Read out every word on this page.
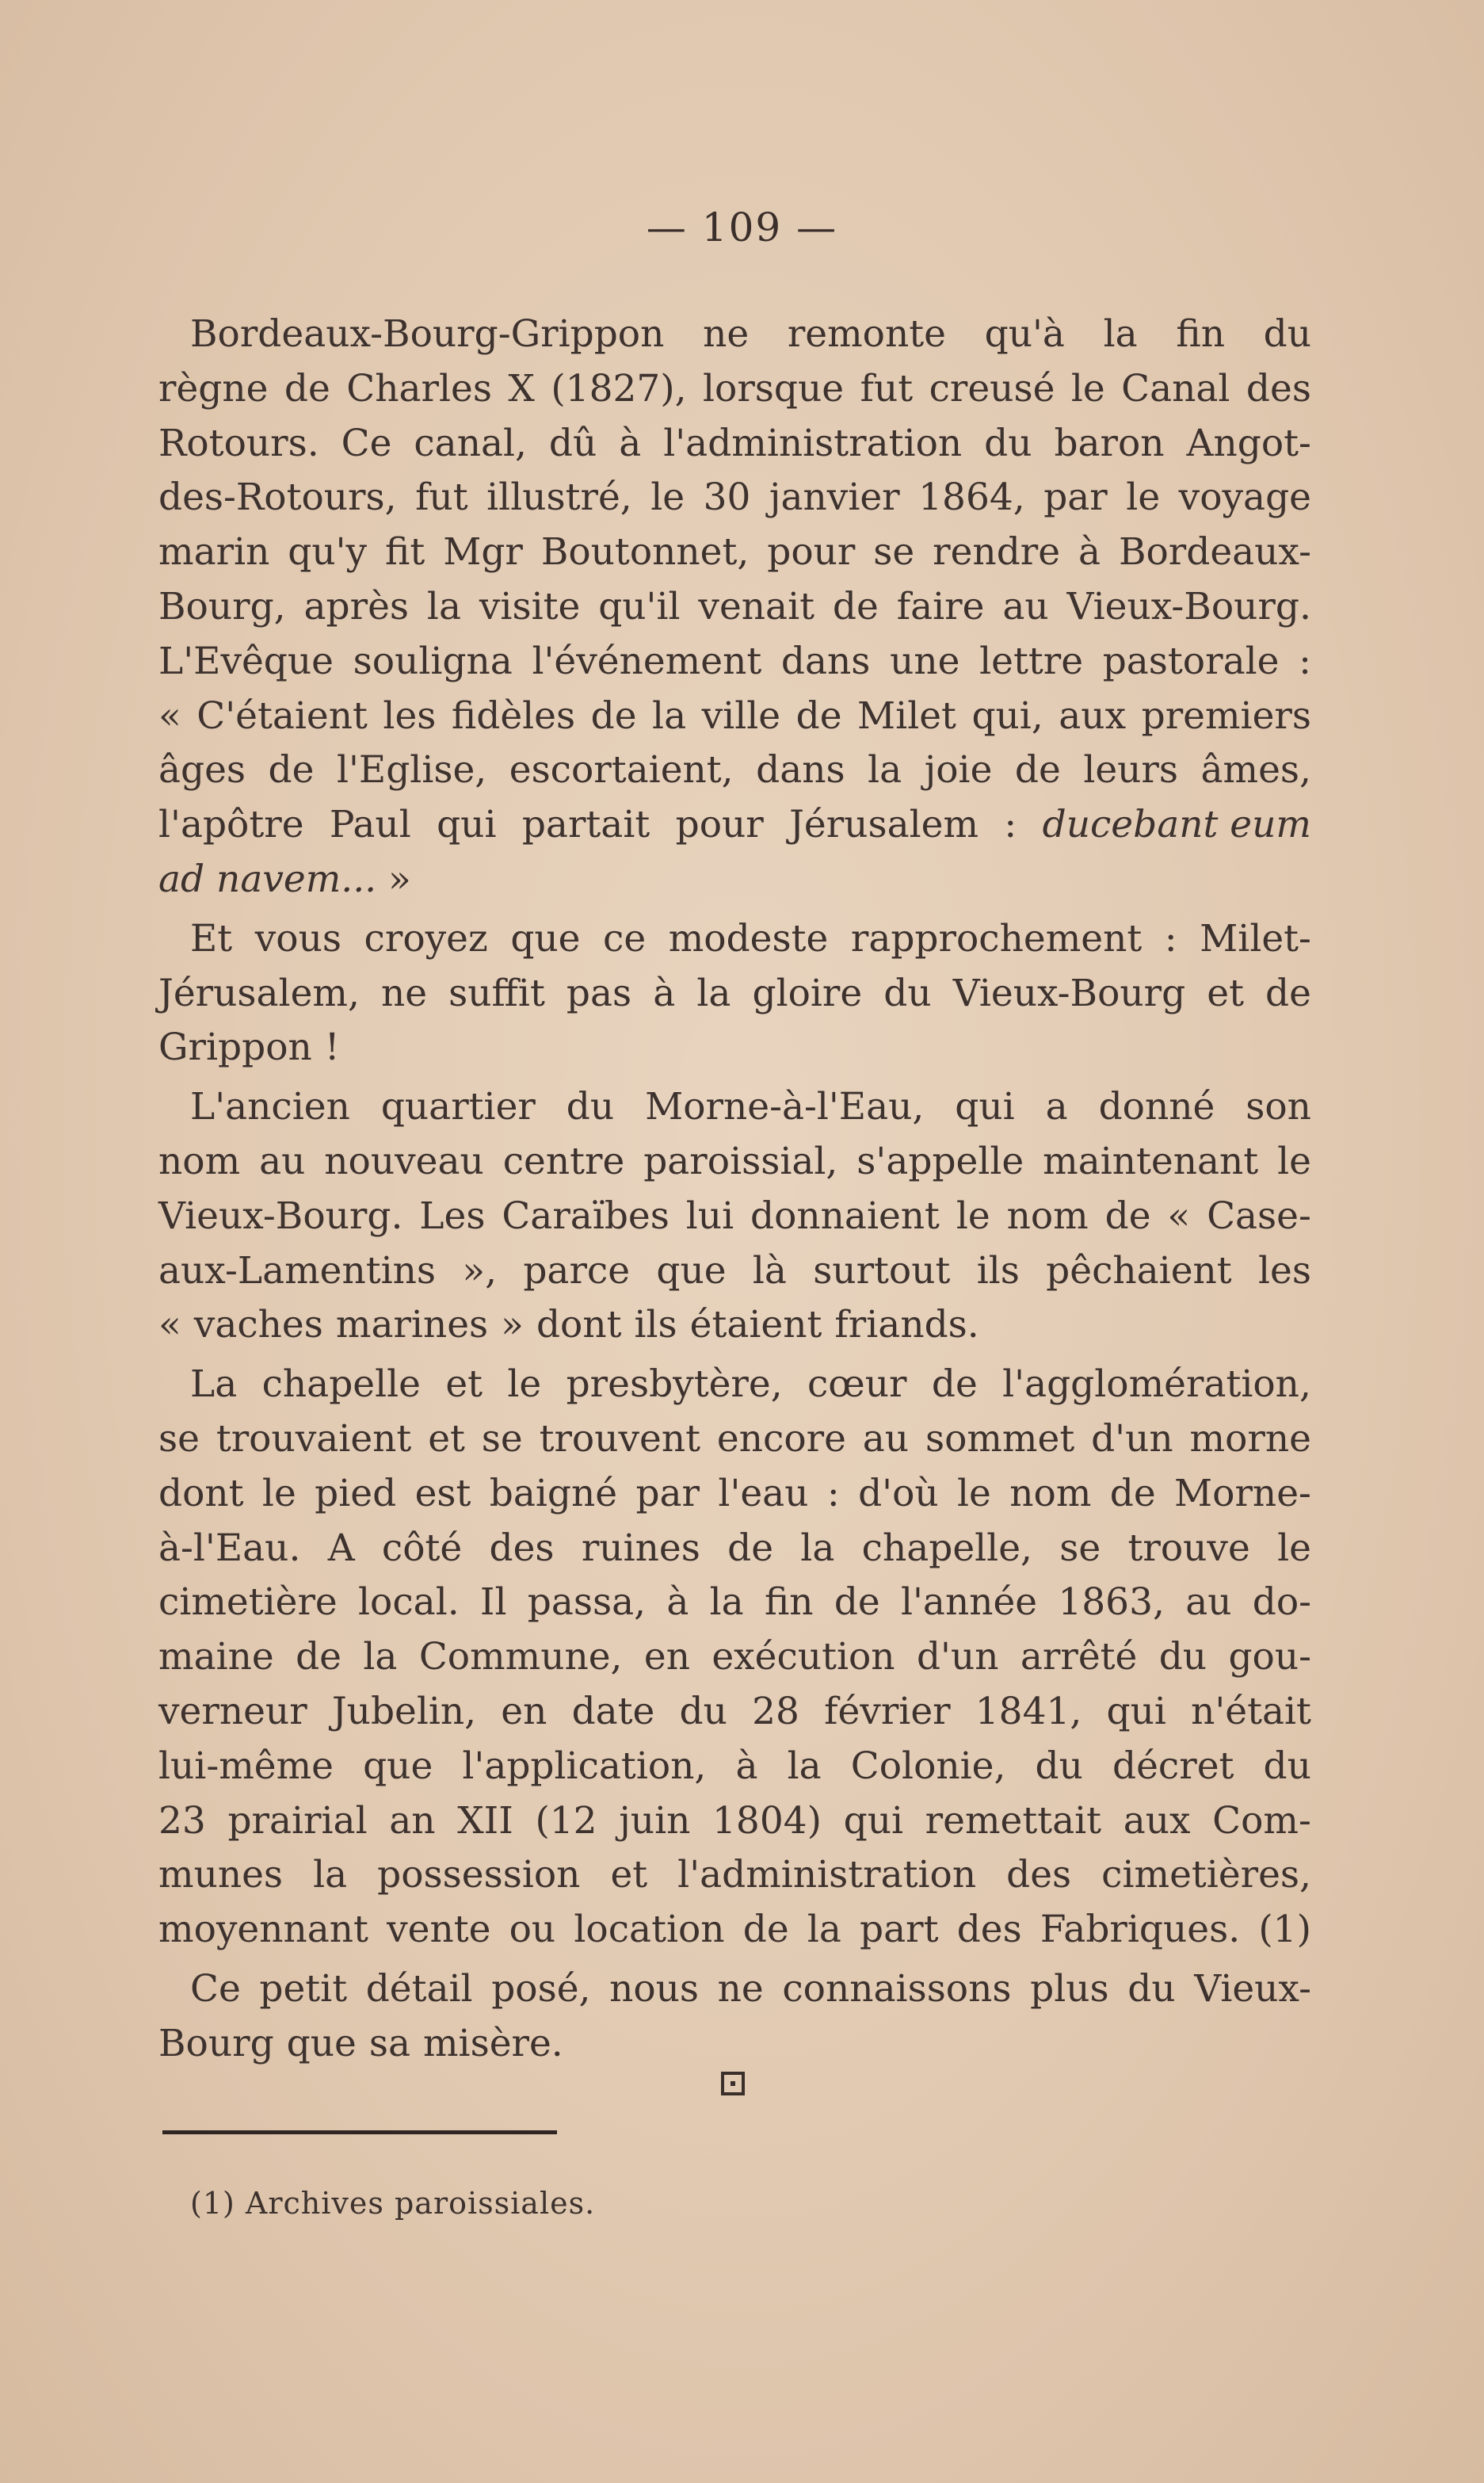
— 109 —
Bordeaux-Bourg-Grippon ne remonte qu'à la fin du
règne de Charles X (1827), lorsque fut creusé le Canal des
Rotours. Ce canal, dû à l'administration du baron Angot-
des-Rotours, fut illustré, le 30 janvier 1864, par le voyage
marin qu'y fit Mgr Boutonnet, pour se rendre à Bordeaux-
Bourg, après la visite qu'il venait de faire au Vieux-Bourg.
L'Evêque souligna l'événement dans une lettre pastorale :
« C'étaient les fidèles de la ville de Milet qui, aux premiers
âges de l'Eglise, escortaient, dans la joie de leurs âmes,
l'apôtre Paul qui partait pour Jérusalem : ducebant eum
ad navem... »
Et vous croyez que ce modeste rapprochement : Milet-
Jérusalem, ne suffit pas à la gloire du Vieux-Bourg et de
Grippon !
L'ancien quartier du Morne-à-l'Eau, qui a donné son
nom au nouveau centre paroissial, s'appelle maintenant le
Vieux-Bourg. Les Caraïbes lui donnaient le nom de « Case-
aux-Lamentins », parce que là surtout ils pêchaient les
« vaches marines » dont ils étaient friands.
La chapelle et le presbytère, cœur de l'agglomération,
se trouvaient et se trouvent encore au sommet d'un morne
dont le pied est baigné par l'eau : d'où le nom de Morne-
à-l'Eau. A côté des ruines de la chapelle, se trouve le
cimetière local. Il passa, à la fin de l'année 1863, au do-
maine de la Commune, en exécution d'un arrêté du gou-
verneur Jubelin, en date du 28 février 1841, qui n'était
lui-même que l'application, à la Colonie, du décret du
23 prairial an XII (12 juin 1804) qui remettait aux Com-
munes la possession et l'administration des cimetières,
moyennant vente ou location de la part des Fabriques. (1)
Ce petit détail posé, nous ne connaissons plus du Vieux-
Bourg que sa misère.
(1) Archives paroissiales.
